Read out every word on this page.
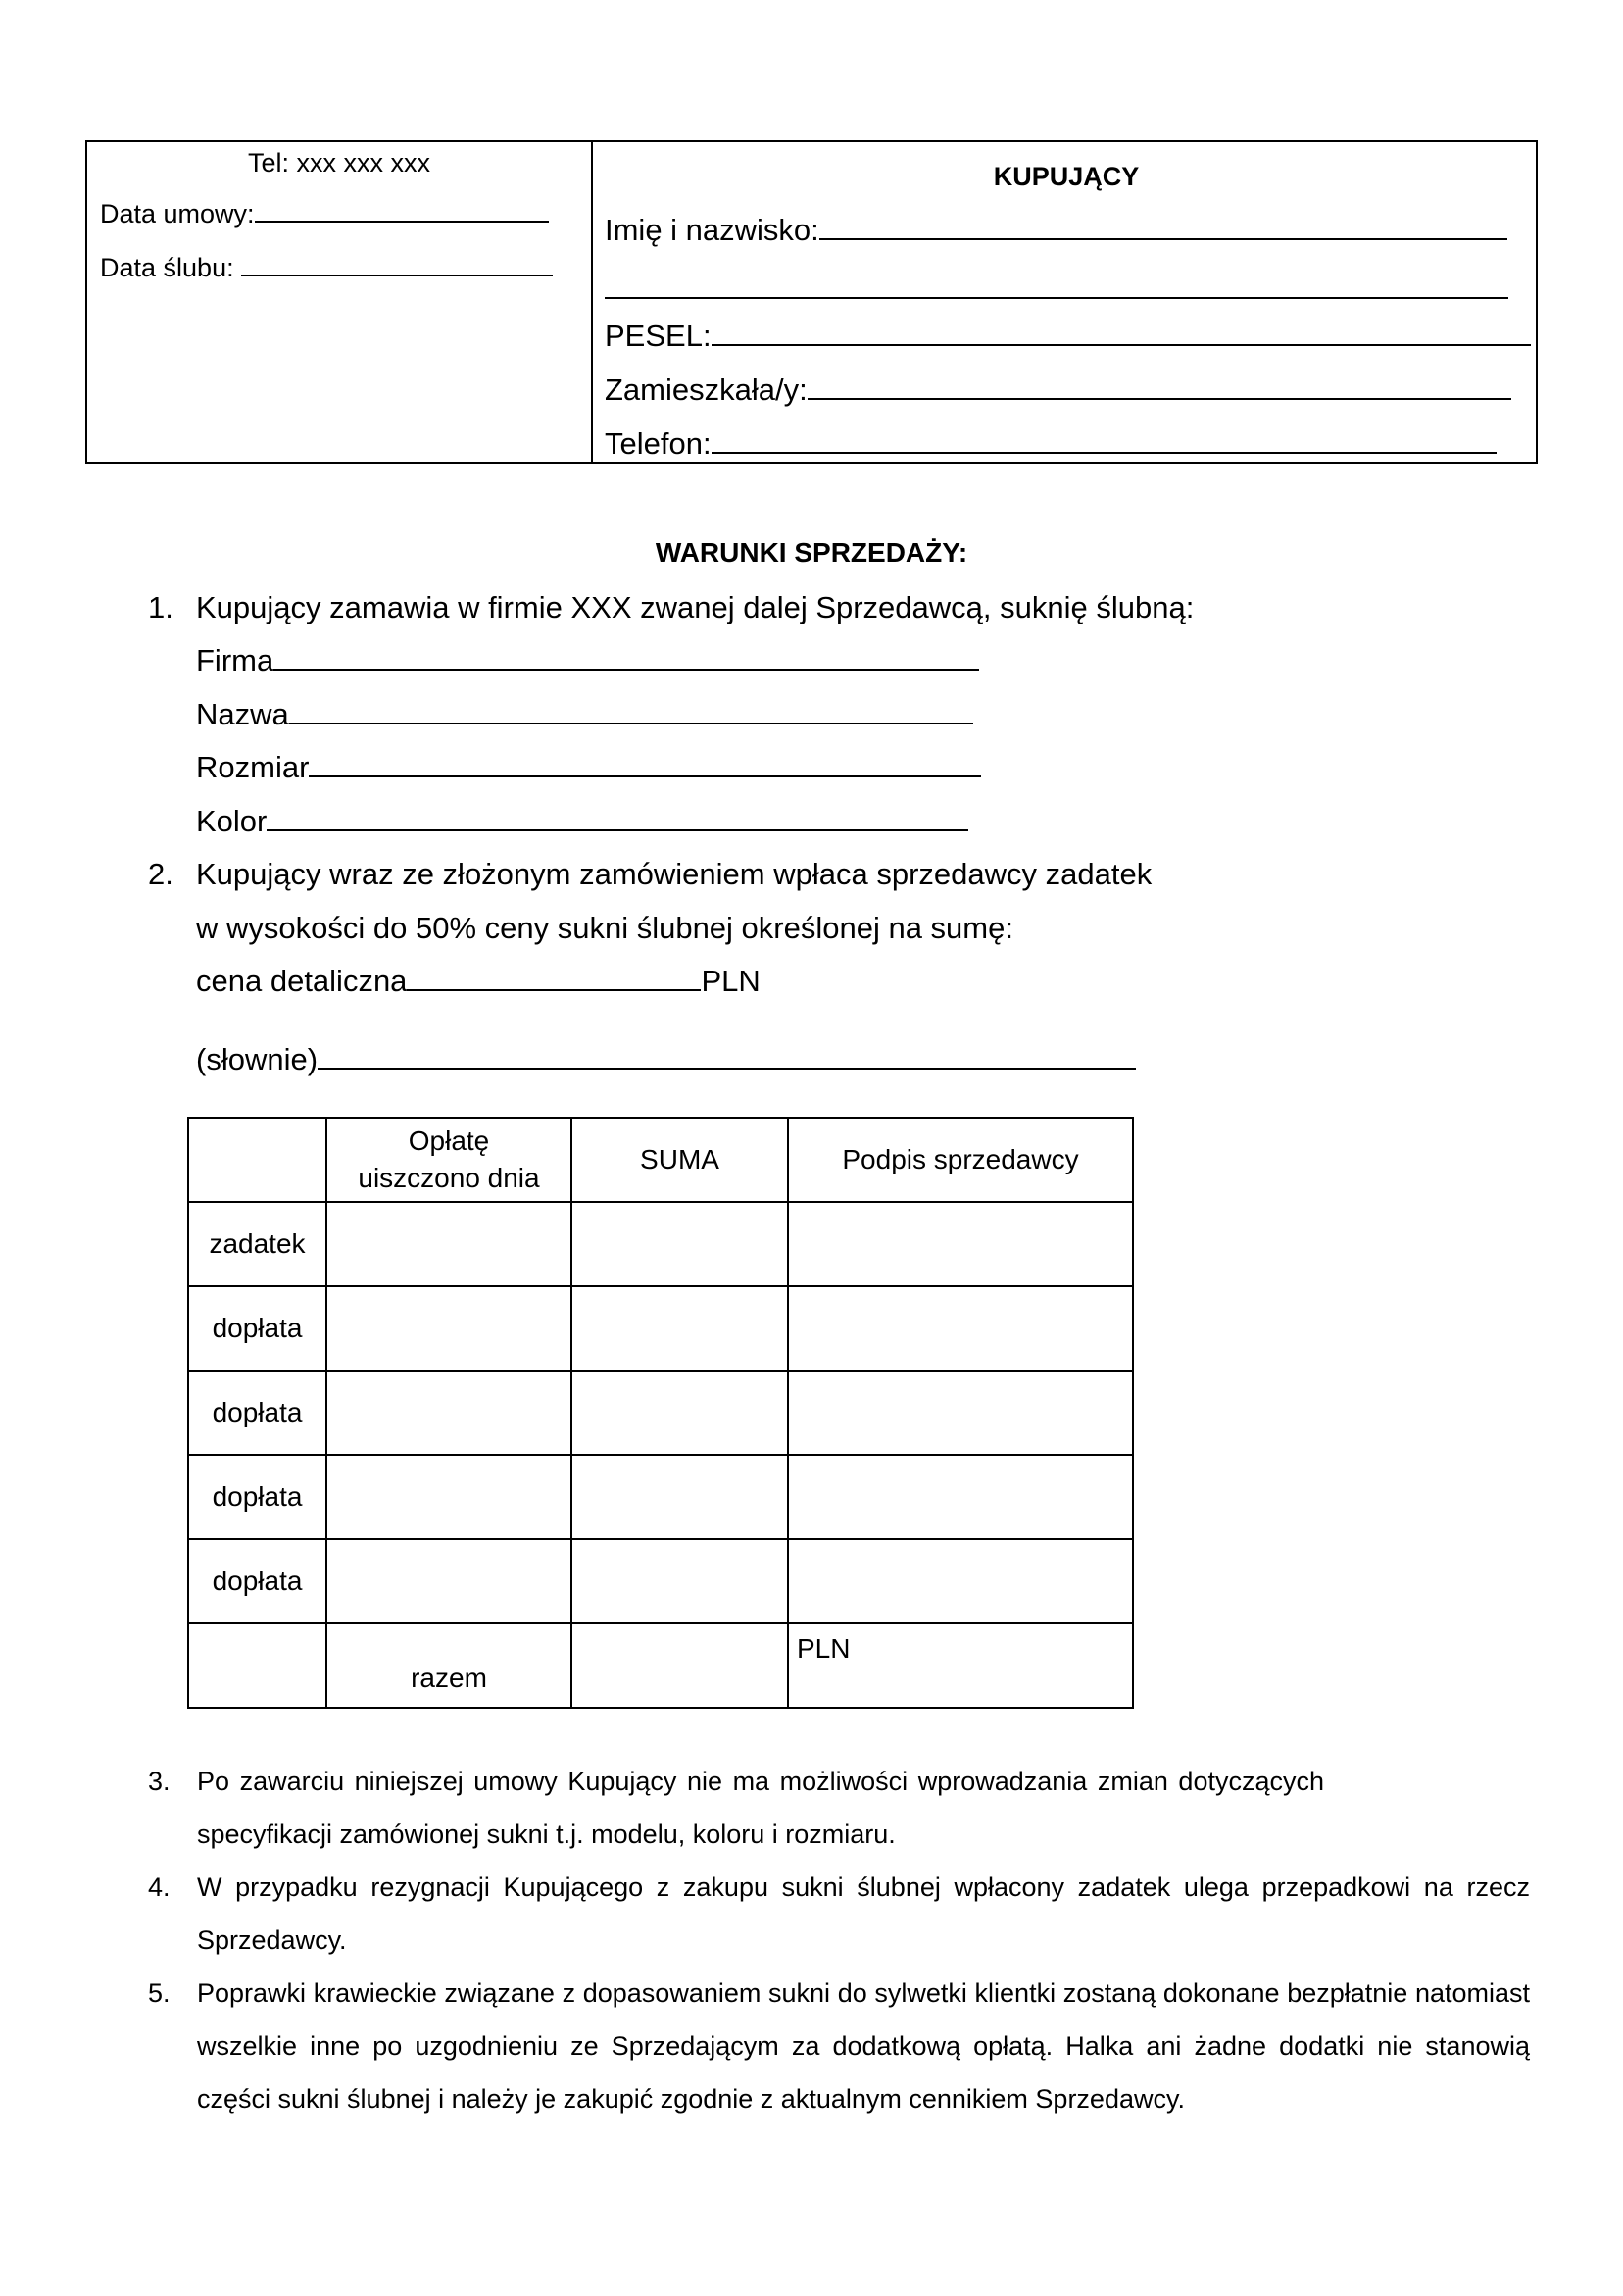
Tel: xxx xxx xxx
Data umowy:
Data ślubu:
KUPUJĄCY
Imię i nazwisko:
PESEL:
Zamieszkała/y:
Telefon:
WARUNKI SPRZEDAŻY:
1. Kupujący zamawia w firmie XXX zwanej dalej Sprzedawcą, suknię ślubną:
Firma
Nazwa
Rozmiar
Kolor
2. Kupujący wraz ze złożonym zamówieniem wpłaca sprzedawcy zadatek
w wysokości do 50% ceny sukni ślubnej określonej na sumę:
cena detaliczna	PLN
(słownie)
	Opłatę uiszczono dnia	SUMA	Podpis sprzedawcy
zadatek			
dopłata			
dopłata			
dopłata			
dopłata			
	razem		PLN
3. Po zawarciu niniejszej umowy Kupujący nie ma możliwości wprowadzania zmian dotyczących specyfikacji zamówionej sukni t.j. modelu, koloru i rozmiaru.
4. W przypadku rezygnacji Kupującego z zakupu sukni ślubnej wpłacony zadatek ulega przepadkowi na rzecz Sprzedawcy.
5. Poprawki krawieckie związane z dopasowaniem sukni do sylwetki klientki zostaną dokonane bezpłatnie natomiast wszelkie inne po uzgodnieniu ze Sprzedającym za dodatkową opłatą. Halka ani żadne dodatki nie stanowią części sukni ślubnej i należy je zakupić zgodnie z aktualnym cennikiem Sprzedawcy.
